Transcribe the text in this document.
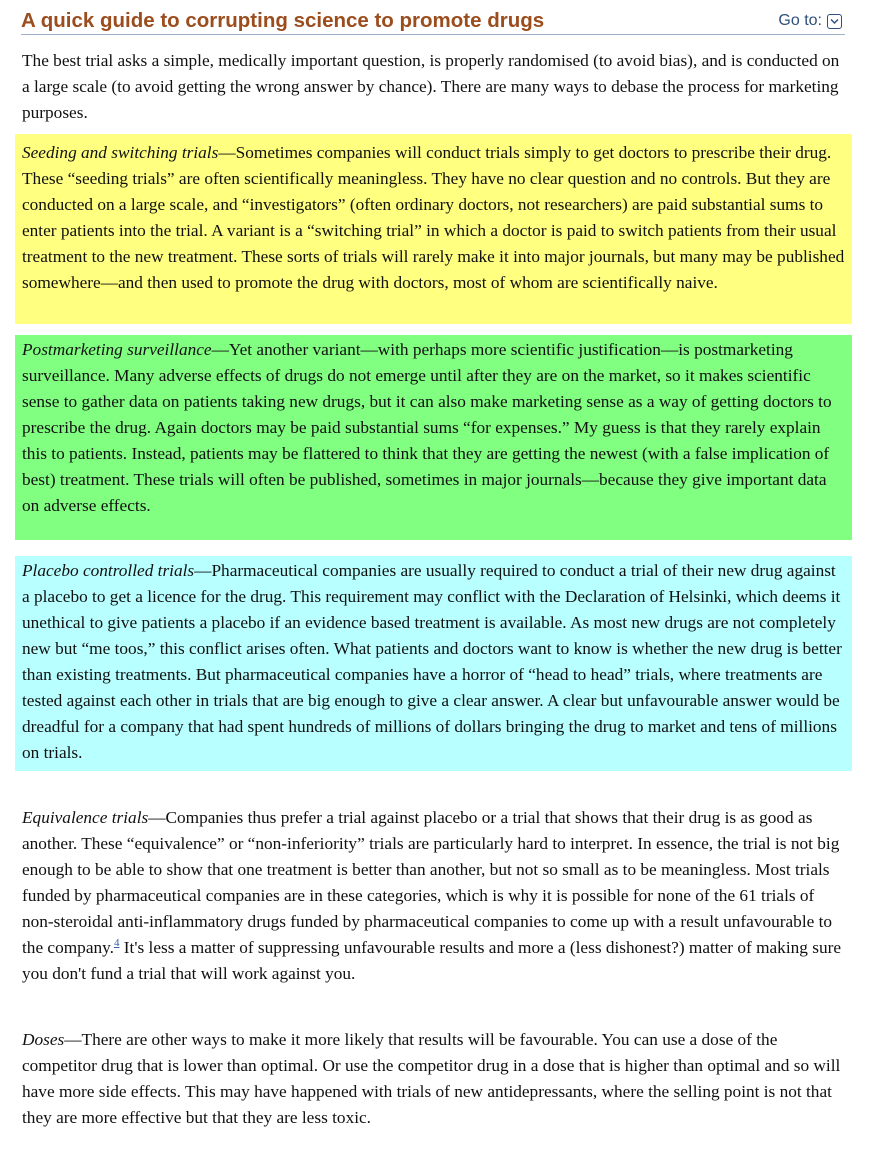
A quick guide to corrupting science to promote drugs	Go to:

The best trial asks a simple, medically important question, is properly randomised (to avoid bias), and is conducted on a large scale (to avoid getting the wrong answer by chance). There are many ways to debase the process for marketing purposes.

Seeding and switching trials—Sometimes companies will conduct trials simply to get doctors to prescribe their drug. These “seeding trials” are often scientifically meaningless. They have no clear question and no controls. But they are conducted on a large scale, and “investigators” (often ordinary doctors, not researchers) are paid substantial sums to enter patients into the trial. A variant is a “switching trial” in which a doctor is paid to switch patients from their usual treatment to the new treatment. These sorts of trials will rarely make it into major journals, but many may be published somewhere—and then used to promote the drug with doctors, most of whom are scientifically naive.

Postmarketing surveillance—Yet another variant—with perhaps more scientific justification—is postmarketing surveillance. Many adverse effects of drugs do not emerge until after they are on the market, so it makes scientific sense to gather data on patients taking new drugs, but it can also make marketing sense as a way of getting doctors to prescribe the drug. Again doctors may be paid substantial sums “for expenses.” My guess is that they rarely explain this to patients. Instead, patients may be flattered to think that they are getting the newest (with a false implication of best) treatment. These trials will often be published, sometimes in major journals—because they give important data on adverse effects.

Placebo controlled trials—Pharmaceutical companies are usually required to conduct a trial of their new drug against a placebo to get a licence for the drug. This requirement may conflict with the Declaration of Helsinki, which deems it unethical to give patients a placebo if an evidence based treatment is available. As most new drugs are not completely new but “me toos,” this conflict arises often. What patients and doctors want to know is whether the new drug is better than existing treatments. But pharmaceutical companies have a horror of “head to head” trials, where treatments are tested against each other in trials that are big enough to give a clear answer. A clear but unfavourable answer would be dreadful for a company that had spent hundreds of millions of dollars bringing the drug to market and tens of millions on trials.

Equivalence trials—Companies thus prefer a trial against placebo or a trial that shows that their drug is as good as another. These “equivalence” or “non-inferiority” trials are particularly hard to interpret. In essence, the trial is not big enough to be able to show that one treatment is better than another, but not so small as to be meaningless. Most trials funded by pharmaceutical companies are in these categories, which is why it is possible for none of the 61 trials of non-steroidal anti-inflammatory drugs funded by pharmaceutical companies to come up with a result unfavourable to the company.$^4$ It's less a matter of suppressing unfavourable results and more a (less dishonest?) matter of making sure you don't fund a trial that will work against you.

Doses—There are other ways to make it more likely that results will be favourable. You can use a dose of the competitor drug that is lower than optimal. Or use the competitor drug in a dose that is higher than optimal and so will have more side effects. This may have happened with trials of new antidepressants, where the selling point is not that they are more effective but that they are less toxic.
